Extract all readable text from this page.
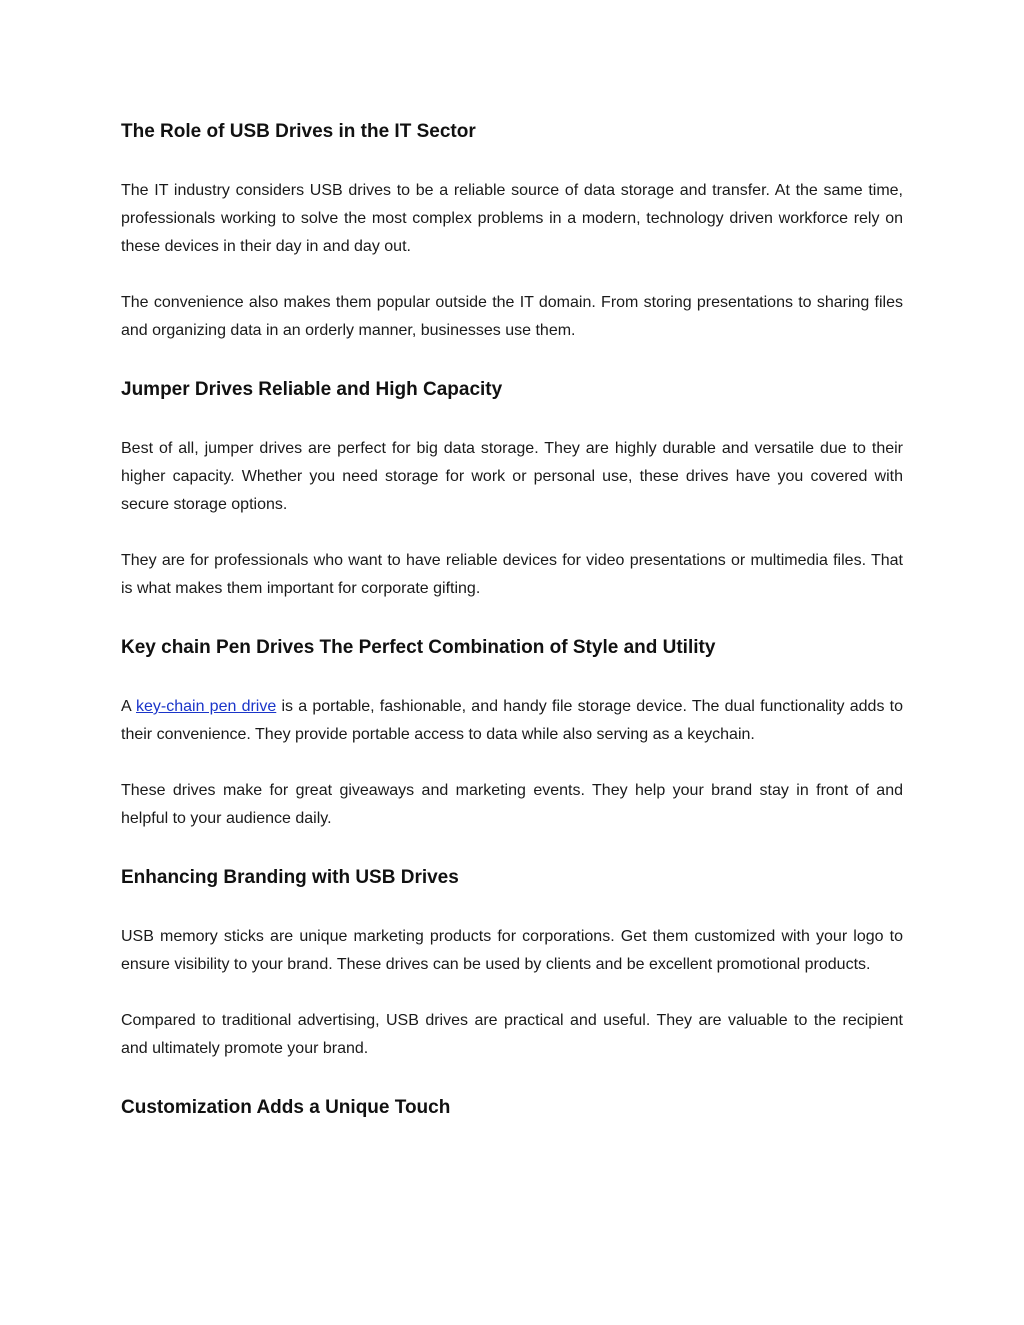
The Role of USB Drives in the IT Sector

The IT industry considers USB drives to be a reliable source of data storage and transfer. At the same time, professionals working to solve the most complex problems in a modern, technology driven workforce rely on these devices in their day in and day out.

The convenience also makes them popular outside the IT domain. From storing presentations to sharing files and organizing data in an orderly manner, businesses use them.

Jumper Drives Reliable and High Capacity

Best of all, jumper drives are perfect for big data storage. They are highly durable and versatile due to their higher capacity. Whether you need storage for work or personal use, these drives have you covered with secure storage options.

They are for professionals who want to have reliable devices for video presentations or multimedia files. That is what makes them important for corporate gifting.

Key chain Pen Drives The Perfect Combination of Style and Utility

A key-chain pen drive is a portable, fashionable, and handy file storage device. The dual functionality adds to their convenience. They provide portable access to data while also serving as a keychain.

These drives make for great giveaways and marketing events. They help your brand stay in front of and helpful to your audience daily.

Enhancing Branding with USB Drives

USB memory sticks are unique marketing products for corporations. Get them customized with your logo to ensure visibility to your brand. These drives can be used by clients and be excellent promotional products.

Compared to traditional advertising, USB drives are practical and useful. They are valuable to the recipient and ultimately promote your brand.

Customization Adds a Unique Touch
